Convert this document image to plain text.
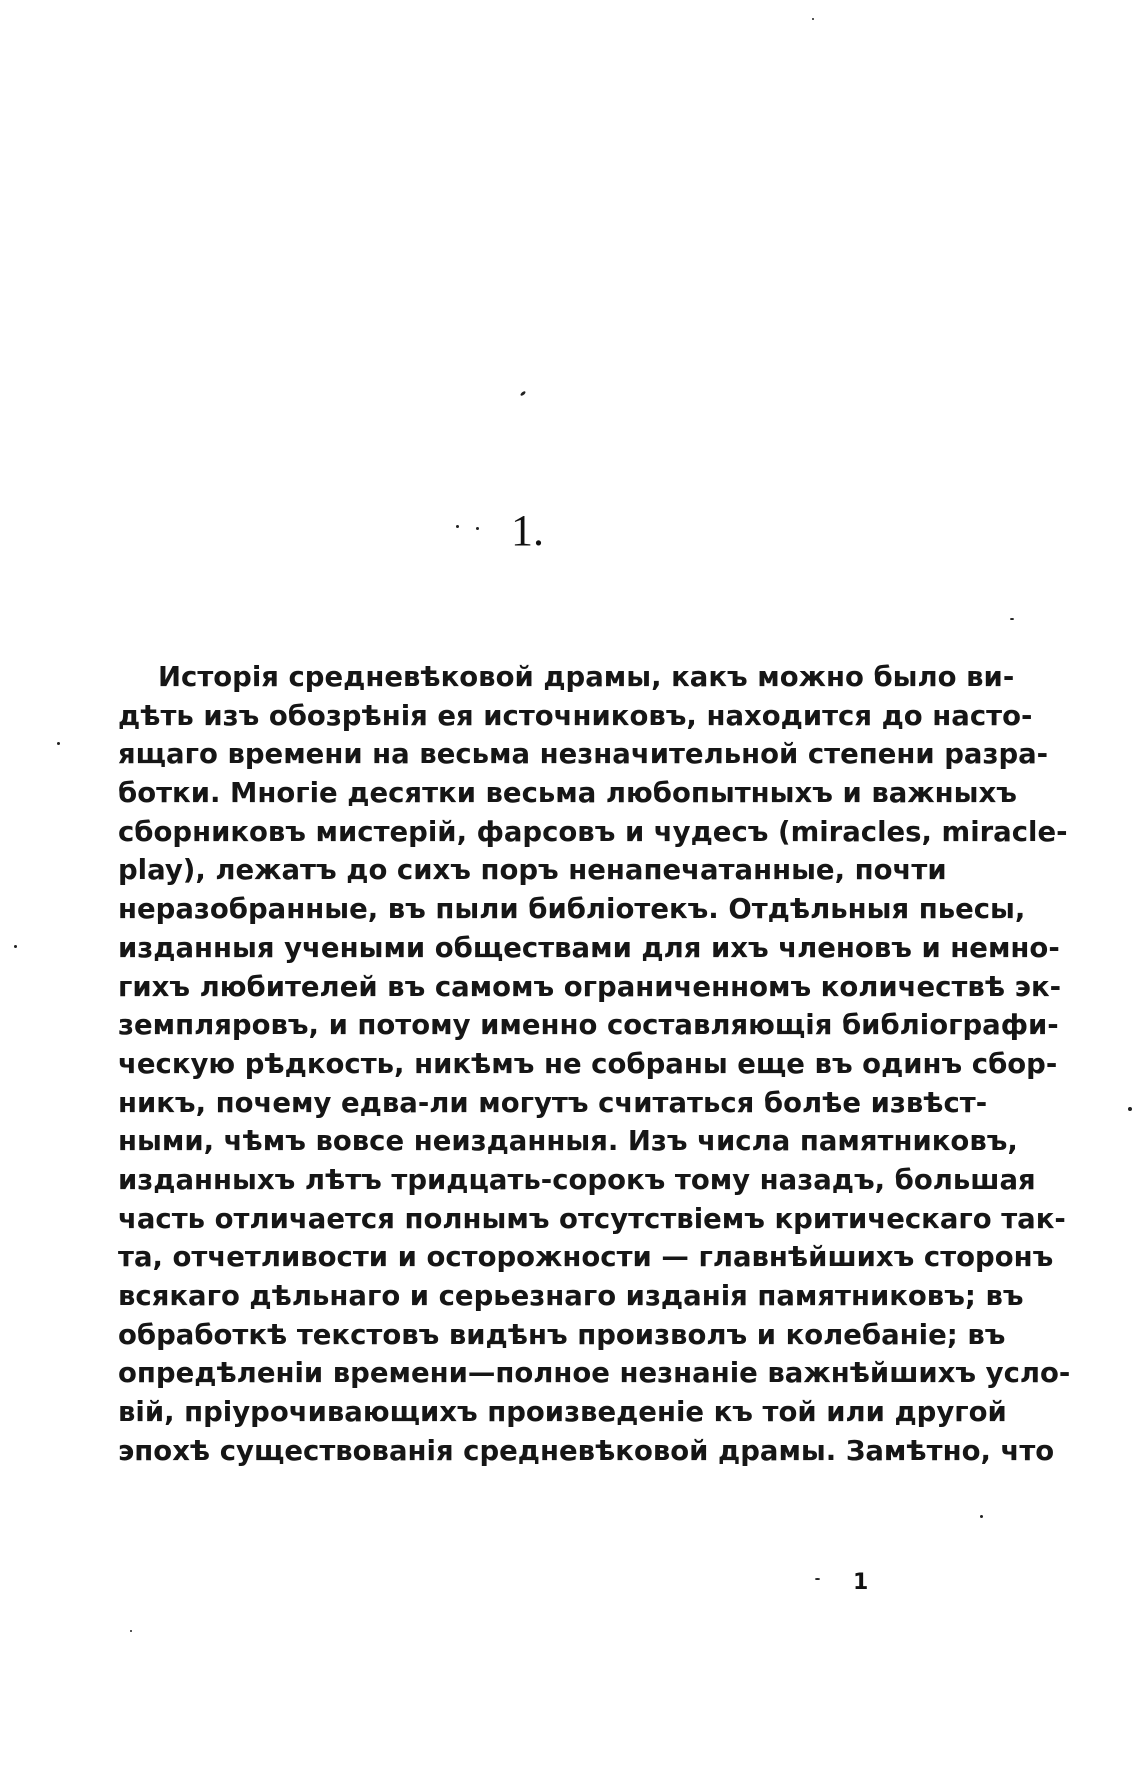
1.
Исторія средневѣковой драмы, какъ можно было ви-
дѣть изъ обозрѣнія ея источниковъ, находится до насто-
ящаго времени на весьма незначительной степени разра-
ботки. Многіе десятки весьма любопытныхъ и важныхъ
сборниковъ мистерій, фарсовъ и чудесъ (miracles, miracle-
play), лежатъ до сихъ поръ ненапечатанные, почти
неразобранные, въ пыли библіотекъ. Отдѣльныя пьесы,
изданныя учеными обществами для ихъ членовъ и немно-
гихъ любителей въ самомъ ограниченномъ количествѣ эк-
земпляровъ, и потому именно составляющія библіографи-
ческую рѣдкость, никѣмъ не собраны еще въ одинъ сбор-
никъ, почему едва-ли могутъ считаться болѣе извѣст-
ными, чѣмъ вовсе неизданныя. Изъ числа памятниковъ,
изданныхъ лѣтъ тридцать-сорокъ тому назадъ, большая
часть отличается полнымъ отсутствіемъ критическаго так-
та, отчетливости и осторожности — главнѣйшихъ сторонъ
всякаго дѣльнаго и серьезнаго изданія памятниковъ; въ
обработкѣ текстовъ видѣнъ произволъ и колебаніе; въ
опредѣленіи времени—полное незнаніе важнѣйшихъ усло-
вій, пріурочивающихъ произведеніе къ той или другой
эпохѣ существованія средневѣковой драмы. Замѣтно, что
1
